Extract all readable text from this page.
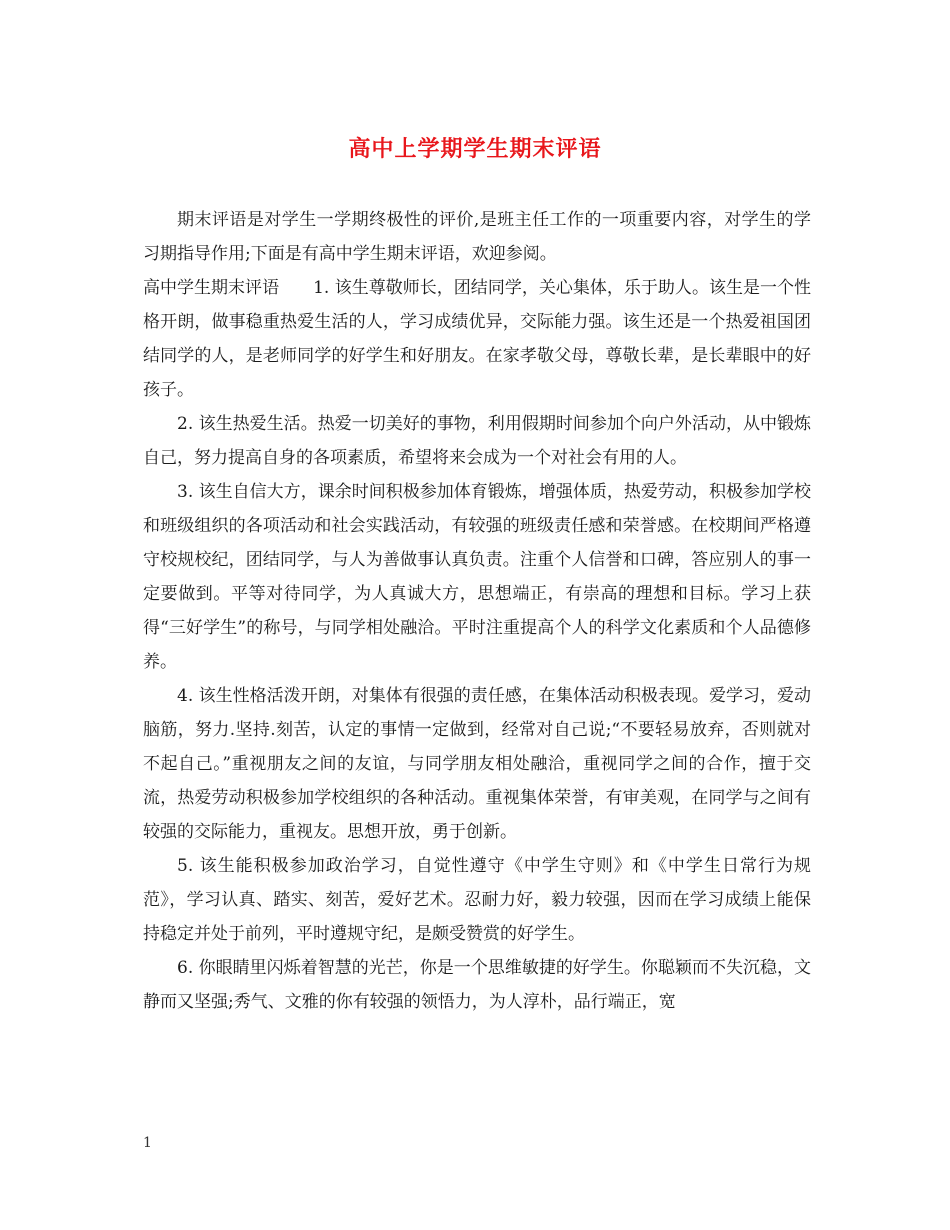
高中上学期学生期末评语

期末评语是对学生一学期终极性的评价,是班主任工作的一项重要内容，对学生的学习期指导作用;下面是有高中学生期末评语，欢迎参阅。

高中学生期末评语　　1. 该生尊敬师长，团结同学，关心集体，乐于助人。该生是一个性格开朗，做事稳重热爱生活的人，学习成绩优异，交际能力强。该生还是一个热爱祖国团结同学的人，是老师同学的好学生和好朋友。在家孝敬父母，尊敬长辈，是长辈眼中的好孩子。

2. 该生热爱生活。热爱一切美好的事物，利用假期时间参加个向户外活动，从中锻炼自己，努力提高自身的各项素质，希望将来会成为一个对社会有用的人。

3. 该生自信大方，课余时间积极参加体育锻炼，增强体质，热爱劳动，积极参加学校和班级组织的各项活动和社会实践活动，有较强的班级责任感和荣誉感。在校期间严格遵守校规校纪，团结同学，与人为善做事认真负责。注重个人信誉和口碑，答应别人的事一定要做到。平等对待同学，为人真诚大方，思想端正，有崇高的理想和目标。学习上获得“三好学生”的称号，与同学相处融洽。平时注重提高个人的科学文化素质和个人品德修养。

4. 该生性格活泼开朗，对集体有很强的责任感，在集体活动积极表现。爱学习，爱动脑筋，努力.坚持.刻苦，认定的事情一定做到，经常对自己说;“不要轻易放弃，否则就对不起自己。”重视朋友之间的友谊，与同学朋友相处融洽，重视同学之间的合作，擅于交流，热爱劳动积极参加学校组织的各种活动。重视集体荣誉，有审美观，在同学与之间有较强的交际能力，重视友。思想开放，勇于创新。

5. 该生能积极参加政治学习，自觉性遵守《中学生守则》和《中学生日常行为规范》，学习认真、踏实、刻苦，爱好艺术。忍耐力好，毅力较强，因而在学习成绩上能保持稳定并处于前列，平时遵规守纪，是颇受赞赏的好学生。

6. 你眼睛里闪烁着智慧的光芒，你是一个思维敏捷的好学生。你聪颖而不失沉稳，文静而又坚强;秀气、文雅的你有较强的领悟力，为人淳朴，品行端正，宽

1
